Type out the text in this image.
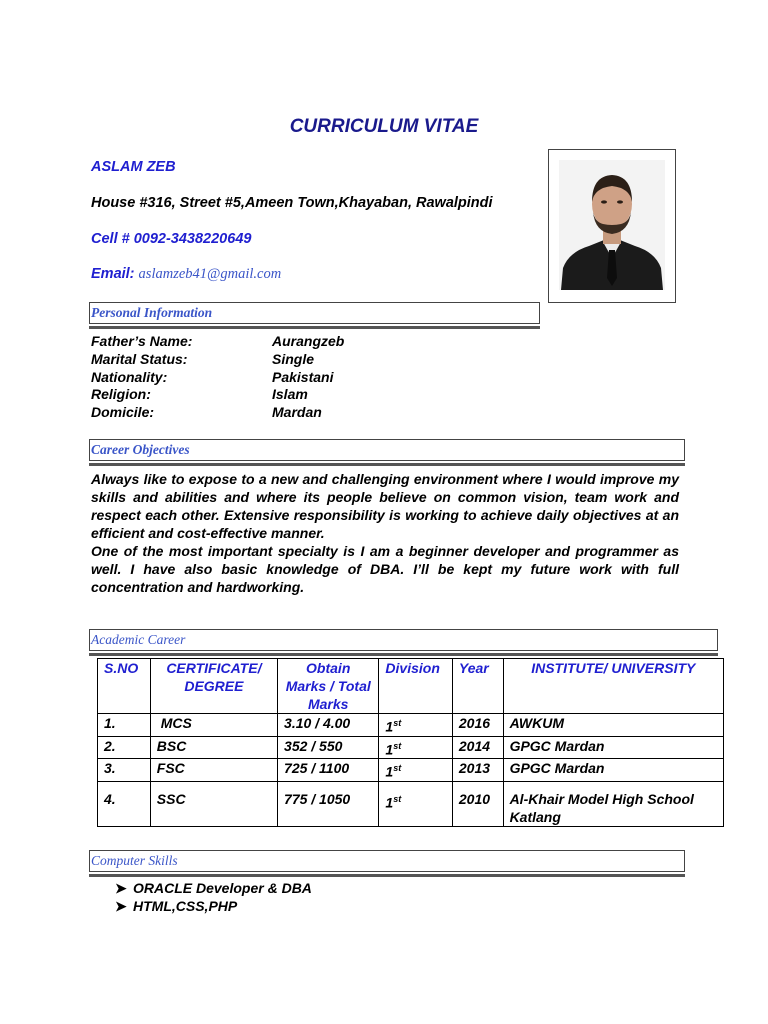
CURRICULUM VITAE
ASLAM ZEB
House #316, Street #5,Ameen Town,Khayaban, Rawalpindi
Cell # 0092-3438220649
Email: aslamzeb41@gmail.com
Personal Information
Father’s Name:	Aurangzeb
Marital Status:	Single
Nationality:	Pakistani
Religion:	Islam
Domicile:	Mardan
Career Objectives

Always like to expose to a new and challenging environment where I would improve my skills and abilities and where its people believe on common vision, team work and respect each other. Extensive responsibility is working to achieve daily objectives at an efficient and cost-effective manner.

One of the most important specialty is I am a beginner developer and programmer as well. I have also basic knowledge of DBA. I’ll be kept my future work with full concentration and hardworking.

Academic Career
S.NO	CERTIFICATE/ DEGREE	Obtain Marks / Total Marks	Division	Year	INSTITUTE/ UNIVERSITY
1.	MCS	3.10 / 4.00	1st	2016	AWKUM
2.	BSC	352 / 550	1st	2014	GPGC Mardan
3.	FSC	725 / 1100	1st	2013	GPGC Mardan
4.	SSC	775 / 1050	1st	2010	Al-Khair Model High School Katlang
Computer Skills
➤ ORACLE Developer & DBA
➤ HTML,CSS,PHP
